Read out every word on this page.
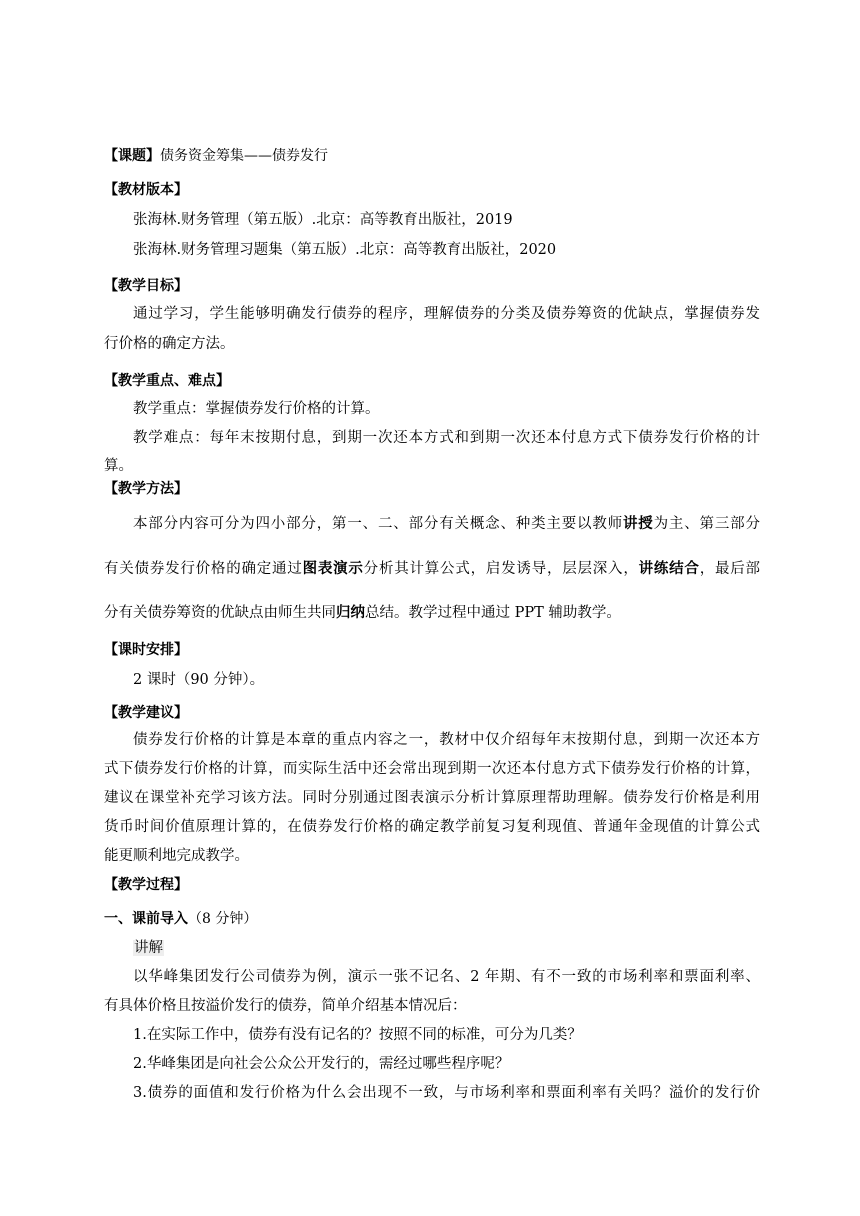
【课题】债务资金筹集——债券发行
【教材版本】
张海林.财务管理（第五版）.北京：高等教育出版社，2019
张海林.财务管理习题集（第五版）.北京：高等教育出版社，2020
【教学目标】
通过学习，学生能够明确发行债券的程序，理解债券的分类及债券筹资的优缺点，掌握债券发
行价格的确定方法。
【教学重点、难点】
教学重点：掌握债券发行价格的计算。
教学难点：每年末按期付息，到期一次还本方式和到期一次还本付息方式下债券发行价格的计
算。
【教学方法】
本部分内容可分为四小部分，第一、二、部分有关概念、种类主要以教师讲授为主、第三部分
有关债券发行价格的确定通过图表演示分析其计算公式，启发诱导，层层深入，讲练结合，最后部
分有关债券筹资的优缺点由师生共同归纳总结。教学过程中通过 PPT 辅助教学。
【课时安排】
2 课时（90 分钟）。
【教学建议】
债券发行价格的计算是本章的重点内容之一，教材中仅介绍每年末按期付息，到期一次还本方
式下债券发行价格的计算，而实际生活中还会常出现到期一次还本付息方式下债券发行价格的计算，
建议在课堂补充学习该方法。同时分别通过图表演示分析计算原理帮助理解。债券发行价格是利用
货币时间价值原理计算的，在债券发行价格的确定教学前复习复利现值、普通年金现值的计算公式
能更顺利地完成教学。
【教学过程】
一、课前导入（8 分钟）
讲解
以华峰集团发行公司债券为例，演示一张不记名、2 年期、有不一致的市场利率和票面利率、
有具体价格且按溢价发行的债券，简单介绍基本情况后：
1.在实际工作中，债券有没有记名的？按照不同的标准，可分为几类？
2.华峰集团是向社会公众公开发行的，需经过哪些程序呢？
3.债券的面值和发行价格为什么会出现不一致，与市场利率和票面利率有关吗？溢价的发行价
